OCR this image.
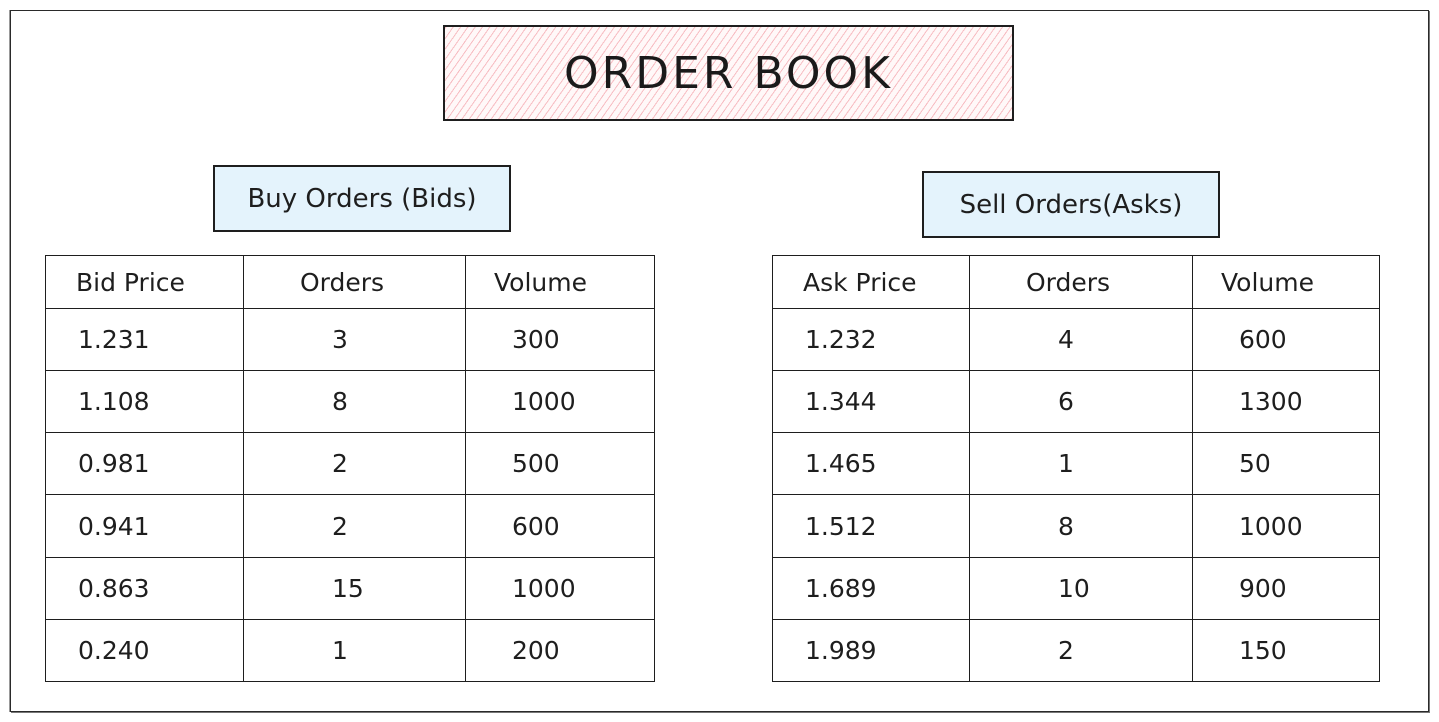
ORDER BOOK
Buy Orders (Bids)	Sell Orders(Asks)
Bid Price	Orders	Volume
1.231	3	300
1.108	8	1000
0.981	2	500
0.941	2	600
0.863	15	1000
0.240	1	200
Ask Price	Orders	Volume
1.232	4	600
1.344	6	1300
1.465	1	50
1.512	8	1000
1.689	10	900
1.989	2	150
